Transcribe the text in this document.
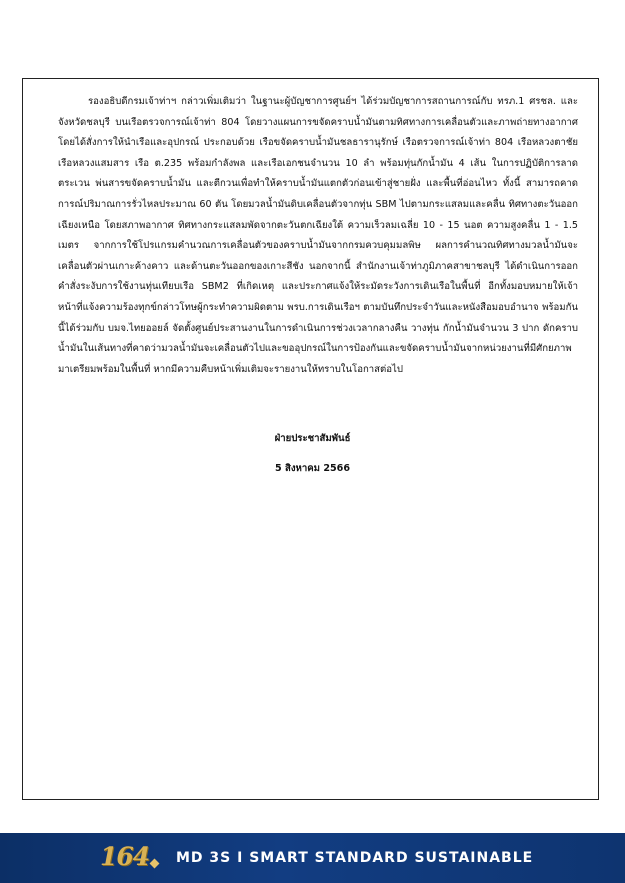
รองอธิบดีกรมเจ้าท่าฯ กล่าวเพิ่มเติมว่า ในฐานะผู้บัญชาการศูนย์ฯ ได้ร่วมบัญชาการสถานการณ์กับ ทรภ.1 ศรชล. และจังหวัดชลบุรี บนเรือตรวจการณ์เจ้าท่า 804 โดยวางแผนการขจัดคราบน้ำมันตามทิศทางการเคลื่อนตัวและภาพถ่ายทางอากาศ โดยได้สั่งการให้นำเรือและอุปกรณ์ ประกอบด้วย เรือขจัดคราบน้ำมันชลธารานุรักษ์ เรือตรวจการณ์เจ้าท่า 804 เรือหลวงตาชัย เรือหลวงแสมสาร เรือ ต.235 พร้อมกำลังพล และเรือเอกชนจำนวน 10 ลำ พร้อมทุ่นกักน้ำมัน 4 เส้น ในการปฏิบัติการลาดตระเวน พ่นสารขจัดคราบน้ำมัน และตีกวนเพื่อทำให้คราบน้ำมันแตกตัวก่อนเข้าสู่ชายฝั่ง และพื้นที่อ่อนไหว ทั้งนี้ สามารถคาดการณ์ปริมาณการรั่วไหลประมาณ 60 ตัน โดยมวลน้ำมันดิบเคลื่อนตัวจากทุ่น SBM ไปตามกระแสลมและคลื่น ทิศทางตะวันออกเฉียงเหนือ โดยสภาพอากาศ ทิศทางกระแสลมพัดจากตะวันตกเฉียงใต้ ความเร็วลมเฉลี่ย 10 - 15 นอต ความสูงคลื่น 1 - 1.5 เมตร จากการใช้โปรแกรมคำนวณการเคลื่อนตัวของคราบน้ำมันจากกรมควบคุมมลพิษ ผลการคำนวณทิศทางมวลน้ำมันจะเคลื่อนตัวผ่านเกาะค้างคาว และด้านตะวันออกของเกาะสีชัง นอกจากนี้ สำนักงานเจ้าท่าภูมิภาคสาขาชลบุรี ได้ดำเนินการออกคำสั่งระงับการใช้งานทุ่นเทียบเรือ SBM2 ที่เกิดเหตุ และประกาศแจ้งให้ระมัดระวังการเดินเรือในพื้นที่ อีกทั้งมอบหมายให้เจ้าหน้าที่แจ้งความร้องทุกข์กล่าวโทษผู้กระทำความผิดตาม พรบ.การเดินเรือฯ ตามบันทึกประจำวันและหนังสือมอบอำนาจ พร้อมกันนี้ได้ร่วมกับ บมจ.ไทยออยล์ จัดตั้งศูนย์ประสานงานในการดำเนินการช่วงเวลากลางคืน วางทุ่น กักน้ำมันจำนวน 3 ปาก ดักคราบน้ำมันในเส้นทางที่คาดว่ามวลน้ำมันจะเคลื่อนตัวไปและขออุปกรณ์ในการป้องกันและขจัดคราบน้ำมันจากหน่วยงานที่มีศักยภาพมาเตรียมพร้อมในพื้นที่ หากมีความคืบหน้าเพิ่มเติมจะรายงานให้ทราบในโอกาสต่อไป

ฝ่ายประชาสัมพันธ์
5 สิงหาคม 2566
164 MD 3S I SMART STANDARD SUSTAINABLE
